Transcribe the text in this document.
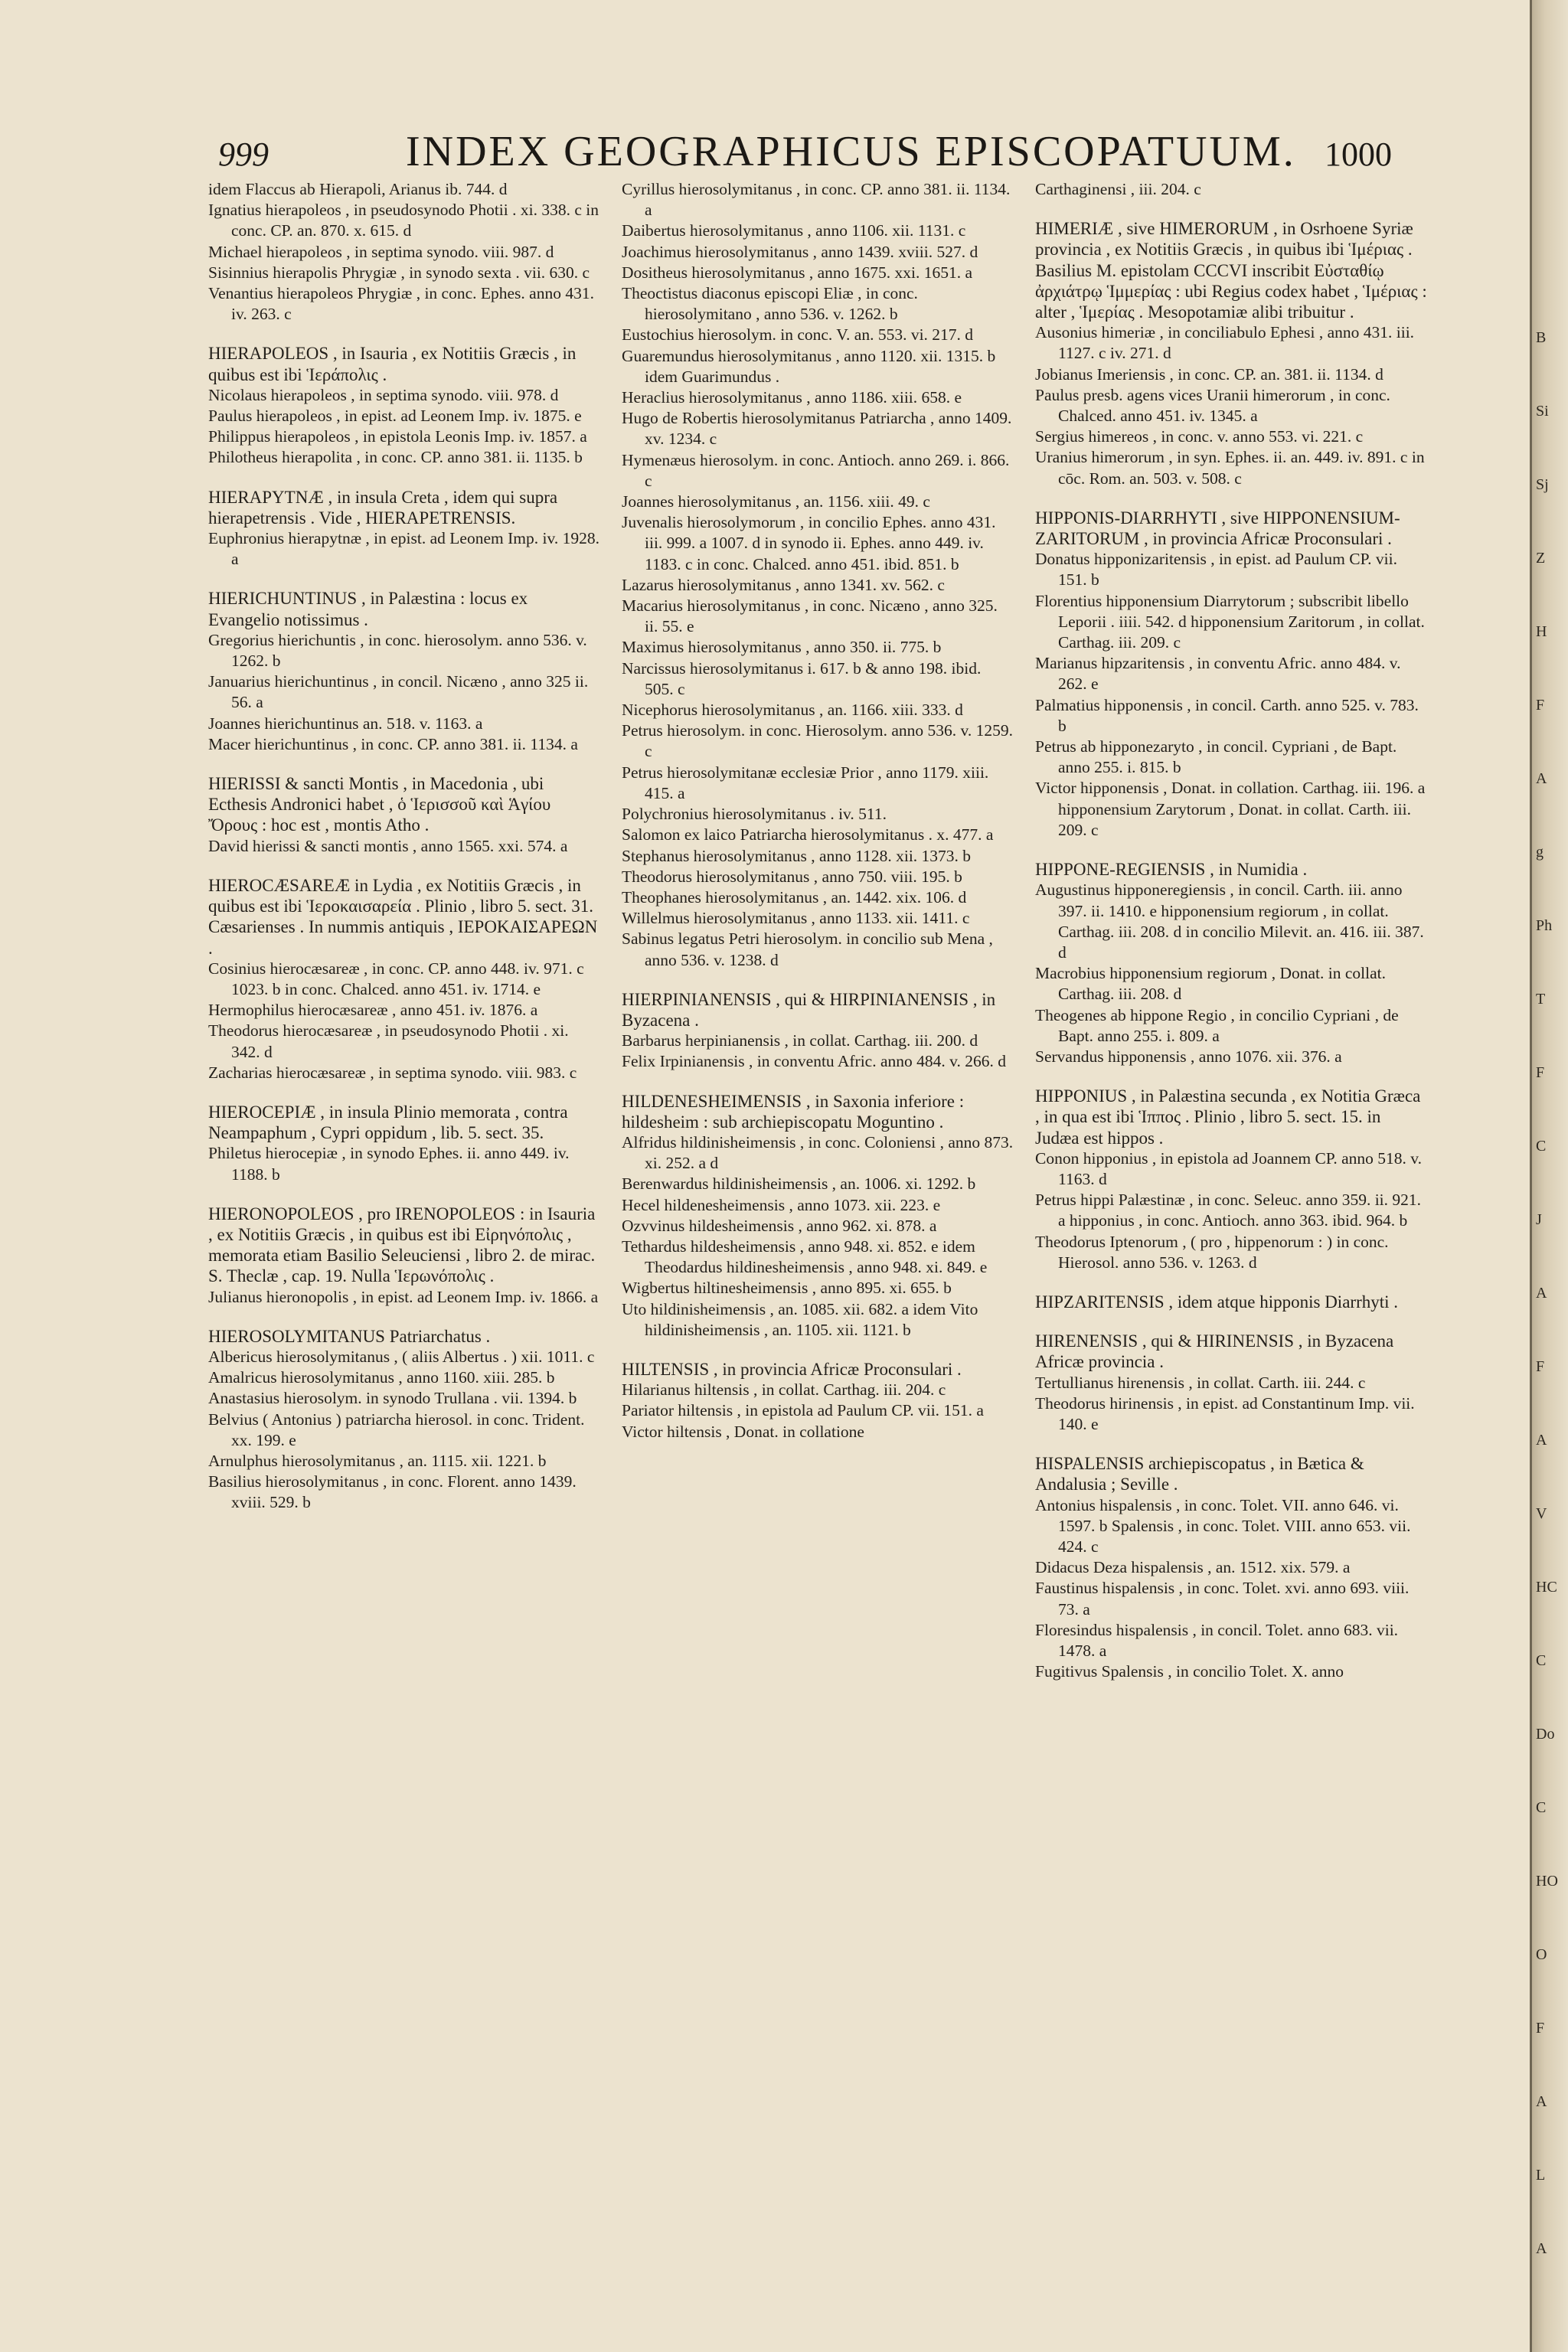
999	INDEX GEOGRAPHICUS EPISCOPATUUM. 1000

idem Flaccus ab Hierapoli, Arianus ib. 744. d

Ignatius hierapoleos , in pseudosynodo Photii . xi. 338. c in conc. CP. an. 870. x. 615. d

Michael hierapoleos , in septima synodo. viii. 987. d

Sisinnius hierapolis Phrygiæ , in synodo sexta . vii. 630. c

Venantius hierapoleos Phrygiæ , in conc. Ephes. anno 431. iv. 263. c

HIERAPOLEOS , in Isauria , ex Notitiis Græcis , in quibus est ibi Ἱεράπολις .

Nicolaus hierapoleos , in septima synodo. viii. 978. d

Paulus hierapoleos , in epist. ad Leonem Imp. iv. 1875. e

Philippus hierapoleos , in epistola Leonis Imp. iv. 1857. a

Philotheus hierapolita , in conc. CP. anno 381. ii. 1135. b

HIERAPYTNÆ , in insula Creta , idem qui supra hierapetrensis . Vide , HIERAPETRENSIS.

Euphronius hierapytnæ , in epist. ad Leonem Imp. iv. 1928. a

HIERICHUNTINUS , in Palæstina : locus ex Evangelio notissimus .

Gregorius hierichuntis , in conc. hierosolym. anno 536. v. 1262. b

Januarius hierichuntinus , in concil. Nicæno , anno 325 ii. 56. a

Joannes hierichuntinus an. 518. v. 1163. a

Macer hierichuntinus , in conc. CP. anno 381. ii. 1134. a

HIERISSI & sancti Montis , in Macedonia , ubi Ecthesis Andronici habet , ὁ Ἱερισσοῦ καὶ Ἁγίου Ὄρους : hoc est , montis Atho .

David hierissi & sancti montis , anno 1565. xxi. 574. a

HIEROCÆSAREÆ in Lydia , ex Notitiis Græcis , in quibus est ibi Ἱεροκαισαρεία . Plinio , libro 5. sect. 31. Cæsarienses . In nummis antiquis , ΙΕΡΟΚΑΙΣΑΡΕΩΝ .

Cosinius hierocæsareæ , in conc. CP. anno 448. iv. 971. c 1023. b in conc. Chalced. anno 451. iv. 1714. e

Hermophilus hierocæsareæ , anno 451. iv. 1876. a

Theodorus hierocæsareæ , in pseudosynodo Photii . xi. 342. d

Zacharias hierocæsareæ , in septima synodo. viii. 983. c

HIEROCEPIÆ , in insula Plinio memorata , contra Neampaphum , Cypri oppidum , lib. 5. sect. 35.

Philetus hierocepiæ , in synodo Ephes. ii. anno 449. iv. 1188. b

HIERONOPOLEOS , pro IRENOPOLEOS : in Isauria , ex Notitiis Græcis , in quibus est ibi Εἰρηνόπολις , memorata etiam Basilio Seleuciensi , libro 2. de mirac. S. Theclæ , cap. 19. Nulla Ἱερωνόπολις .

Julianus hieronopolis , in epist. ad Leonem Imp. iv. 1866. a

HIEROSOLYMITANUS Patriarchatus .

Albericus hierosolymitanus , ( aliis Albertus . ) xii. 1011. c

Amalricus hierosolymitanus , anno 1160. xiii. 285. b

Anastasius hierosolym. in synodo Trullana . vii. 1394. b

Belvius ( Antonius ) patriarcha hierosol. in conc. Trident. xx. 199. e

Arnulphus hierosolymitanus , an. 1115. xii. 1221. b

Basilius hierosolymitanus , in conc. Florent. anno 1439. xviii. 529. b

Cyrillus hierosolymitanus , in conc. CP. anno 381. ii. 1134. a

Daibertus hierosolymitanus , anno 1106. xii. 1131. c

Joachimus hierosolymitanus , anno 1439. xviii. 527. d

Dositheus hierosolymitanus , anno 1675. xxi. 1651. a

Theoctistus diaconus episcopi Eliæ , in conc. hierosolymitano , anno 536. v. 1262. b

Eustochius hierosolym. in conc. V. an. 553. vi. 217. d

Guaremundus hierosolymitanus , anno 1120. xii. 1315. b idem Guarimundus .

Heraclius hierosolymitanus , anno 1186. xiii. 658. e

Hugo de Robertis hierosolymitanus Patriarcha , anno 1409. xv. 1234. c

Hymenæus hierosolym. in conc. Antioch. anno 269. i. 866. c

Joannes hierosolymitanus , an. 1156. xiii. 49. c

Juvenalis hierosolymorum , in concilio Ephes. anno 431. iii. 999. a 1007. d in synodo ii. Ephes. anno 449. iv. 1183. c in conc. Chalced. anno 451. ibid. 851. b

Lazarus hierosolymitanus , anno 1341. xv. 562. c

Macarius hierosolymitanus , in conc. Nicæno , anno 325. ii. 55. e

Maximus hierosolymitanus , anno 350. ii. 775. b

Narcissus hierosolymitanus i. 617. b & anno 198. ibid. 505. c

Nicephorus hierosolymitanus , an. 1166. xiii. 333. d

Petrus hierosolym. in conc. Hierosolym. anno 536. v. 1259. c

Petrus hierosolymitanæ ecclesiæ Prior , anno 1179. xiii. 415. a

Polychronius hierosolymitanus . iv. 511.

Salomon ex laico Patriarcha hierosolymitanus . x. 477. a

Stephanus hierosolymitanus , anno 1128. xii. 1373. b

Theodorus hierosolymitanus , anno 750. viii. 195. b

Theophanes hierosolymitanus , an. 1442. xix. 106. d

Willelmus hierosolymitanus , anno 1133. xii. 1411. c

Sabinus legatus Petri hierosolym. in concilio sub Mena , anno 536. v. 1238. d

HIERPINIANENSIS , qui & HIRPINIANENSIS , in Byzacena .

Barbarus herpinianensis , in collat. Carthag. iii. 200. d

Felix Irpinianensis , in conventu Afric. anno 484. v. 266. d

HILDENESHEIMENSIS , in Saxonia inferiore : hildesheim : sub archiepiscopatu Moguntino .

Alfridus hildinisheimensis , in conc. Coloniensi , anno 873. xi. 252. a d

Berenwardus hildinisheimensis , an. 1006. xi. 1292. b

Hecel hildenesheimensis , anno 1073. xii. 223. e

Ozvvinus hildesheimensis , anno 962. xi. 878. a

Tethardus hildesheimensis , anno 948. xi. 852. e idem Theodardus hildinesheimensis , anno 948. xi. 849. e

Wigbertus hiltinesheimensis , anno 895. xi. 655. b

Uto hildinisheimensis , an. 1085. xii. 682. a idem Vito hildinisheimensis , an. 1105. xii. 1121. b

HILTENSIS , in provincia Africæ Proconsulari .

Hilarianus hiltensis , in collat. Carthag. iii. 204. c

Pariator hiltensis , in epistola ad Paulum CP. vii. 151. a

Victor hiltensis , Donat. in collatione

Carthaginensi , iii. 204. c

HIMERIÆ , sive HIMERORUM , in Osrhoene Syriæ provincia , ex Notitiis Græcis , in quibus ibi Ἱμέριας . Basilius M. epistolam CCCVI inscribit Εὐσταθίῳ ἀρχιάτρῳ Ἱμμερίας : ubi Regius codex habet , Ἱμέριας : alter , Ἱμερίας . Mesopotamiæ alibi tribuitur .

Ausonius himeriæ , in conciliabulo Ephesi , anno 431. iii. 1127. c iv. 271. d

Jobianus Imeriensis , in conc. CP. an. 381. ii. 1134. d

Paulus presb. agens vices Uranii himerorum , in conc. Chalced. anno 451. iv. 1345. a

Sergius himereos , in conc. v. anno 553. vi. 221. c

Uranius himerorum , in syn. Ephes. ii. an. 449. iv. 891. c in cōc. Rom. an. 503. v. 508. c

HIPPONIS-DIARRHYTI , sive HIPPONENSIUM-ZARITORUM , in provincia Africæ Proconsulari .

Donatus hipponizaritensis , in epist. ad Paulum CP. vii. 151. b

Florentius hipponensium Diarrytorum ; subscribit libello Leporii . iiii. 542. d hipponensium Zaritorum , in collat. Carthag. iii. 209. c

Marianus hipzaritensis , in conventu Afric. anno 484. v. 262. e

Palmatius hipponensis , in concil. Carth. anno 525. v. 783. b

Petrus ab hipponezaryto , in concil. Cypriani , de Bapt. anno 255. i. 815. b

Victor hipponensis , Donat. in collation. Carthag. iii. 196. a hipponensium Zarytorum , Donat. in collat. Carth. iii. 209. c

HIPPONE-REGIENSIS , in Numidia .

Augustinus hipponeregiensis , in concil. Carth. iii. anno 397. ii. 1410. e hipponensium regiorum , in collat. Carthag. iii. 208. d in concilio Milevit. an. 416. iii. 387. d

Macrobius hipponensium regiorum , Donat. in collat. Carthag. iii. 208. d

Theogenes ab hippone Regio , in concilio Cypriani , de Bapt. anno 255. i. 809. a

Servandus hipponensis , anno 1076. xii. 376. a

HIPPONIUS , in Palæstina secunda , ex Notitia Græca , in qua est ibi Ἱππος . Plinio , libro 5. sect. 15. in Judæa est hippos .

Conon hipponius , in epistola ad Joannem CP. anno 518. v. 1163. d

Petrus hippi Palæstinæ , in conc. Seleuc. anno 359. ii. 921. a hipponius , in conc. Antioch. anno 363. ibid. 964. b

Theodorus Iptenorum , ( pro , hippenorum : ) in conc. Hierosol. anno 536. v. 1263. d

HIPZARITENSIS , idem atque hipponis Diarrhyti .

HIRENENSIS , qui & HIRINENSIS , in Byzacena Africæ provincia .

Tertullianus hirenensis , in collat. Carth. iii. 244. c

Theodorus hirinensis , in epist. ad Constantinum Imp. vii. 140. e

HISPALENSIS archiepiscopatus , in Bætica & Andalusia ; Seville .

Antonius hispalensis , in conc. Tolet. VII. anno 646. vi. 1597. b Spalensis , in conc. Tolet. VIII. anno 653. vii. 424. c

Didacus Deza hispalensis , an. 1512. xix. 579. a

Faustinus hispalensis , in conc. Tolet. xvi. anno 693. viii. 73. a

Floresindus hispalensis , in concil. Tolet. anno 683. vii. 1478. a

Fugitivus Spalensis , in concilio Tolet. X. anno

B
Si
Sj
Z
H
F
A
g
Ph
T
F
C
J
A
F
A
V
HC
C
Do
C
HO
O
F
A
L
A
